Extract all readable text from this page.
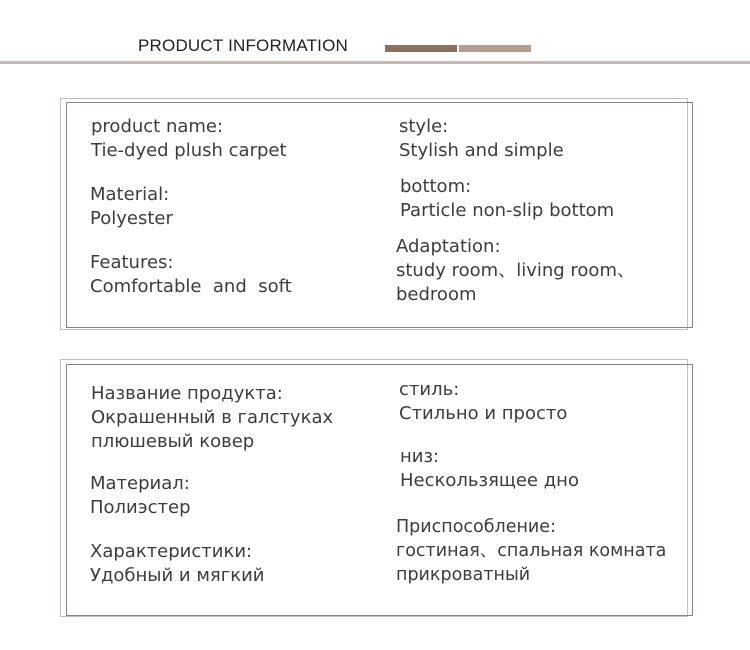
PRODUCT INFORMATION
product name:
Tie-dyed plush carpet
Material:
Polyester
Features:
Comfortable  and  soft
style:
Stylish and simple
bottom:
Particle non-slip bottom
Adaptation:
study room、living room、
bedroom
Название продукта:
Окрашенный в галстуках
плюшевый ковер
Материал:
Полиэстер
Характеристики:
Удобный и мягкий
стиль:
Стильно и просто
низ:
Нескользящее дно
Приспособление:
гостиная、спальная комната
прикроватный
